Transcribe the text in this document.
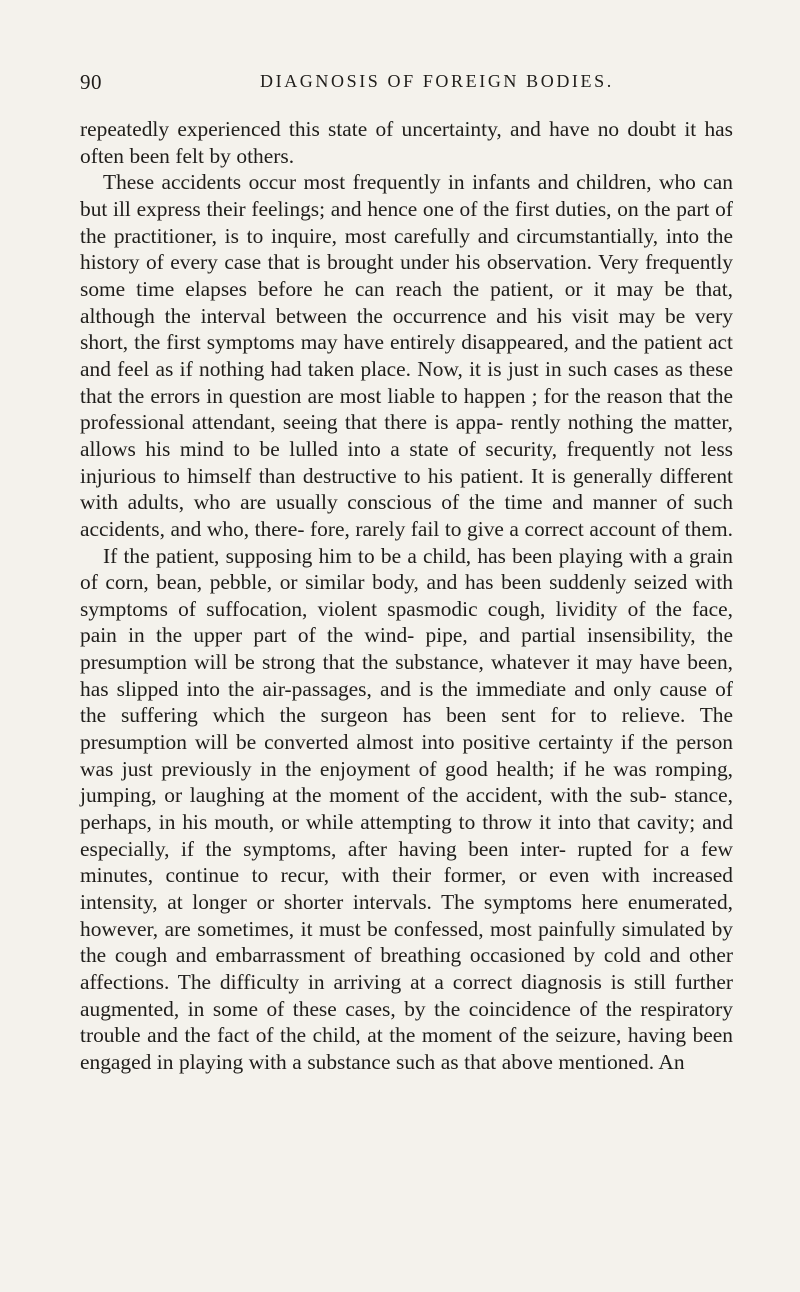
90	DIAGNOSIS OF FOREIGN BODIES.

repeatedly experienced this state of uncertainty, and have no doubt it has often been felt by others.

These accidents occur most frequently in infants and children, who can but ill express their feelings; and hence one of the first duties, on the part of the practitioner, is to inquire, most carefully and circumstantially, into the history of every case that is brought under his observation. Very frequently some time elapses before he can reach the patient, or it may be that, although the interval between the occurrence and his visit may be very short, the first symptoms may have entirely disappeared, and the patient act and feel as if nothing had taken place. Now, it is just in such cases as these that the errors in question are most liable to happen ; for the reason that the professional attendant, seeing that there is appa- rently nothing the matter, allows his mind to be lulled into a state of security, frequently not less injurious to himself than destructive to his patient. It is generally different with adults, who are usually conscious of the time and manner of such accidents, and who, there- fore, rarely fail to give a correct account of them.

If the patient, supposing him to be a child, has been playing with a grain of corn, bean, pebble, or similar body, and has been suddenly seized with symptoms of suffocation, violent spasmodic cough, lividity of the face, pain in the upper part of the wind- pipe, and partial insensibility, the presumption will be strong that the substance, whatever it may have been, has slipped into the air-passages, and is the immediate and only cause of the suffering which the surgeon has been sent for to relieve. The presumption will be converted almost into positive certainty if the person was just previously in the enjoyment of good health; if he was romping, jumping, or laughing at the moment of the accident, with the sub- stance, perhaps, in his mouth, or while attempting to throw it into that cavity; and especially, if the symptoms, after having been inter- rupted for a few minutes, continue to recur, with their former, or even with increased intensity, at longer or shorter intervals. The symptoms here enumerated, however, are sometimes, it must be confessed, most painfully simulated by the cough and embarrassment of breathing occasioned by cold and other affections. The difficulty in arriving at a correct diagnosis is still further augmented, in some of these cases, by the coincidence of the respiratory trouble and the fact of the child, at the moment of the seizure, having been engaged in playing with a substance such as that above mentioned. An
